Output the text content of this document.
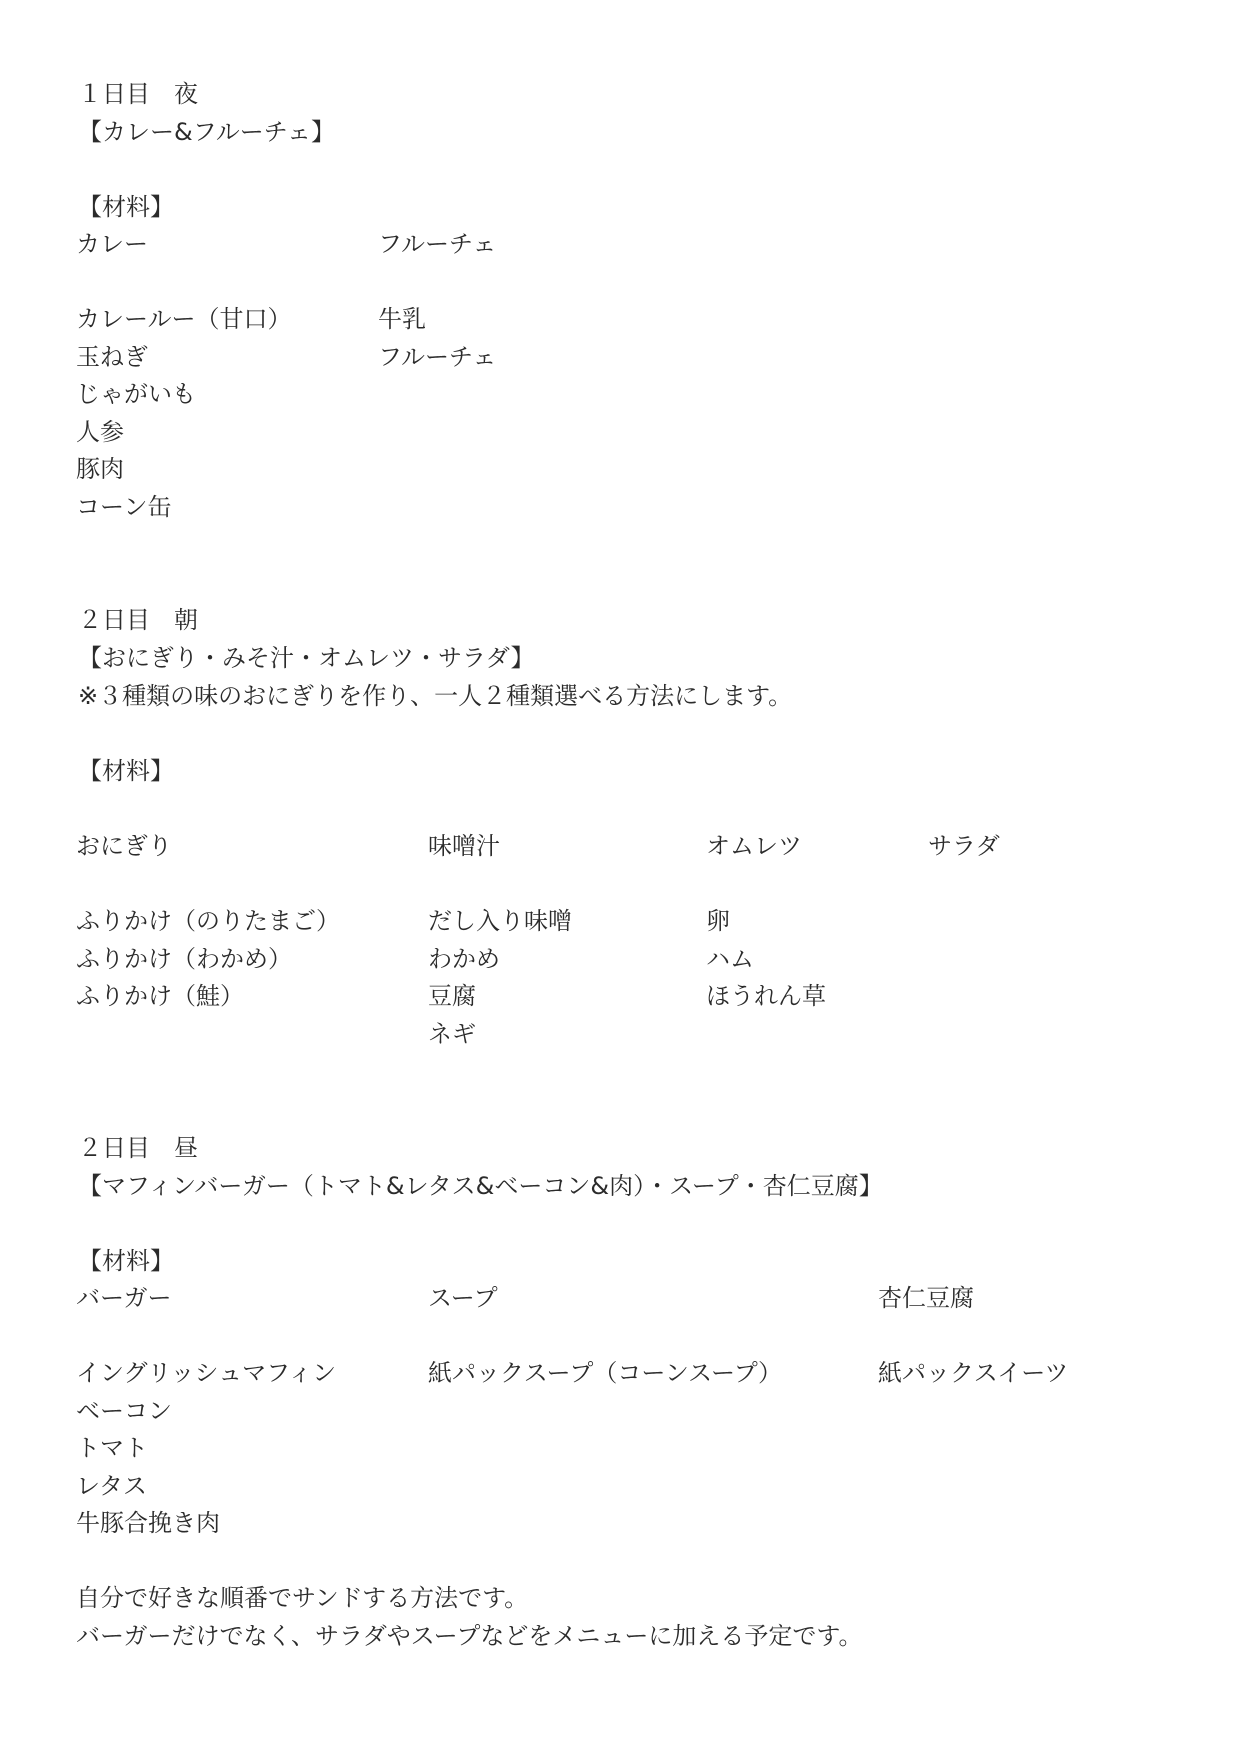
１日目　夜

【カレー&フルーチェ】

【材料】

カレー
カレールー（甘口）
玉ねぎ
じゃがいも
人参
豚肉
コーン缶
フルーチェ
牛乳
フルーチェ

２日目　朝

【おにぎり・みそ汁・オムレツ・サラダ】

※３種類の味のおにぎりを作り、一人２種類選べる方法にします。

【材料】

おにぎり
ふりかけ（のりたまご）
ふりかけ（わかめ）
ふりかけ（鮭）
味噌汁
だし入り味噌
わかめ
豆腐
ネギ
オムレツ
卵
ハム
ほうれん草
サラダ

２日目　昼

【マフィンバーガー（トマト&レタス&ベーコン&肉）・スープ・杏仁豆腐】

【材料】

バーガー
イングリッシュマフィン
ベーコン
トマト
レタス
牛豚合挽き肉
スープ
紙パックスープ（コーンスープ）
杏仁豆腐
紙パックスイーツ

自分で好きな順番でサンドする方法です。

バーガーだけでなく、サラダやスープなどをメニューに加える予定です。
